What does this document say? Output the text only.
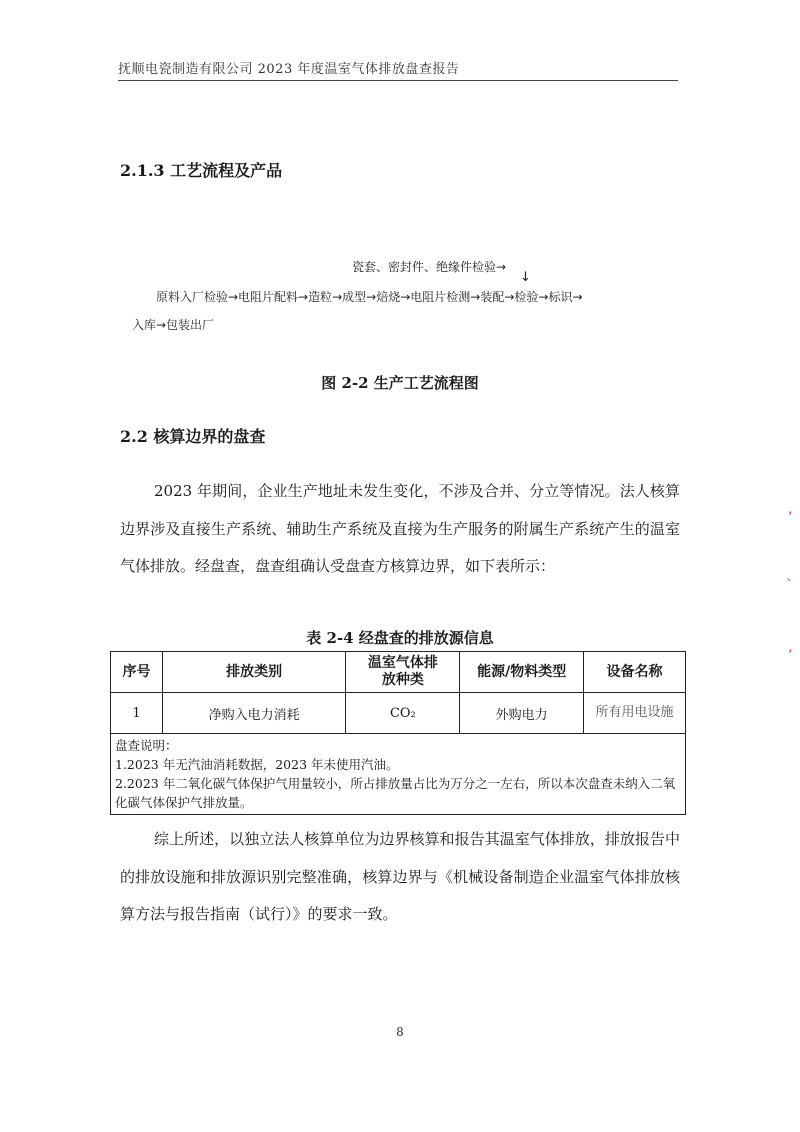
抚顺电瓷制造有限公司 2023 年度温室气体排放盘查报告
2.1.3 工艺流程及产品
瓷套、密封件、绝缘件检验→
↓
原料入厂检验→电阻片配料→造粒→成型→焙烧→电阻片检测→装配→检验→标识→
入库→包装出厂
图 2-2 生产工艺流程图
2.2 核算边界的盘查
2023 年期间，企业生产地址未发生变化，不涉及合并、分立等情况。法人核算边界涉及直接生产系统、辅助生产系统及直接为生产服务的附属生产系统产生的温室气体排放。经盘查，盘查组确认受盘查方核算边界，如下表所示：
表 2-4 经盘查的排放源信息
序号	排放类别	温室气体排放种类	能源/物料类型	设备名称
1	净购入电力消耗	CO₂	外购电力	所有用电设施

盘查说明：
1.2023 年无汽油消耗数据，2023 年未使用汽油。
2.2023 年二氧化碳气体保护气用量较小，所占排放量占比为万分之一左右，所以本次盘查未纳入二氧化碳气体保护气排放量。				
综上所述，以独立法人核算单位为边界核算和报告其温室气体排放，排放报告中的排放设施和排放源识别完整准确，核算边界与《机械设备制造企业温室气体排放核算方法与报告指南（试行）》的要求一致。
8
’
ˋ
’
